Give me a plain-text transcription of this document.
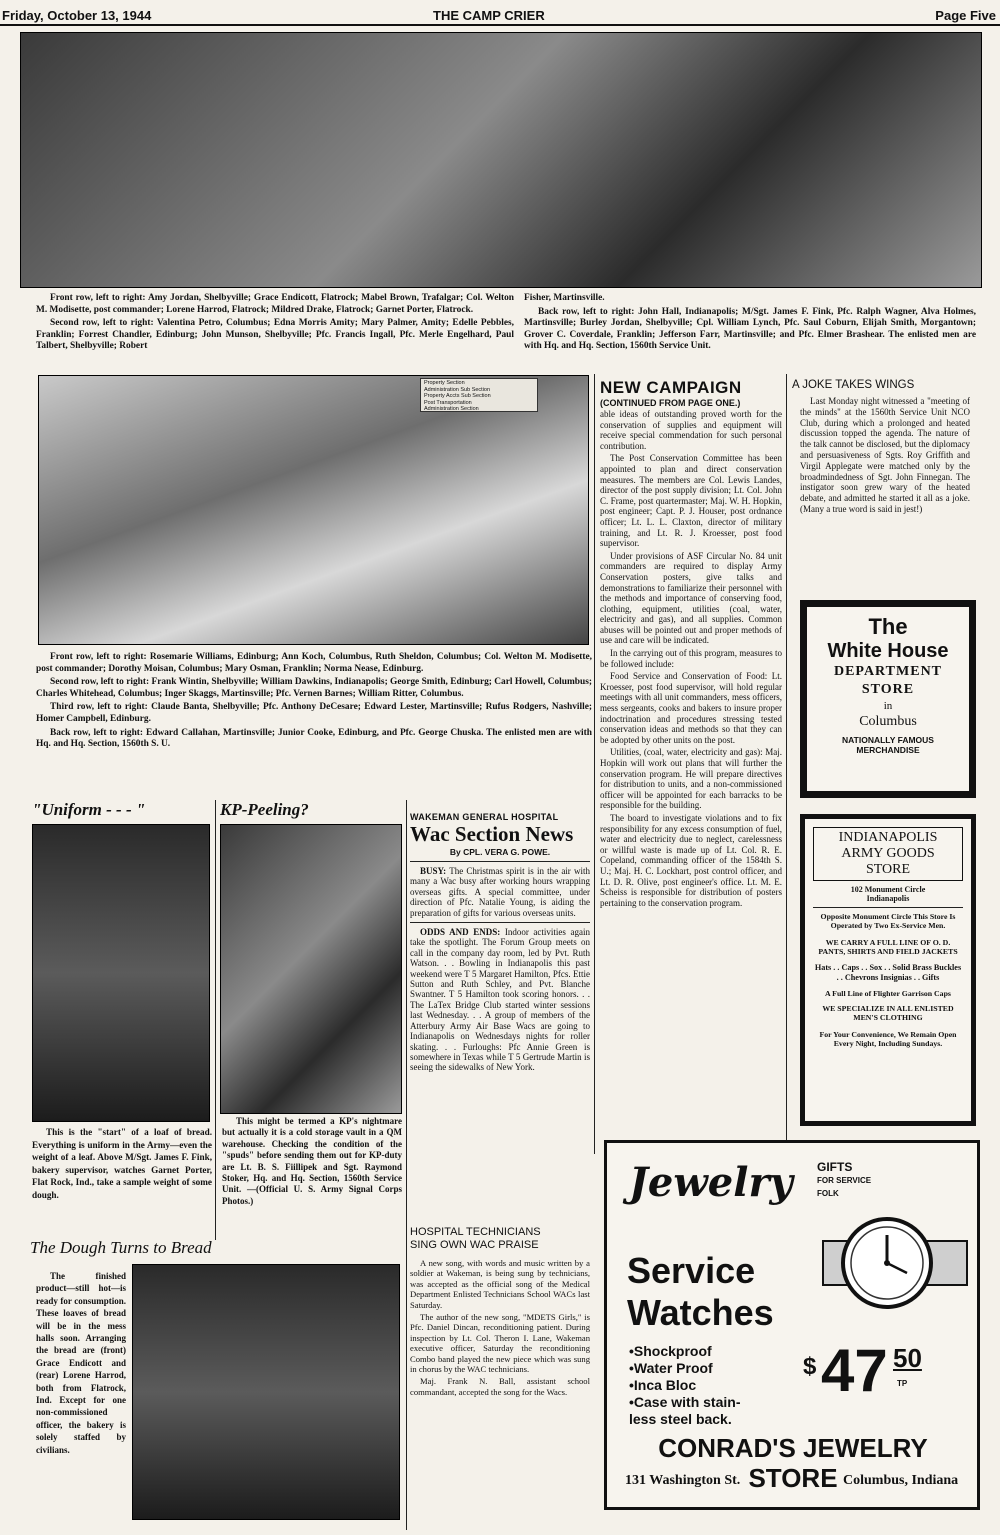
Friday, October 13, 1944	THE CAMP CRIER	Page Five

Front row, left to right: Amy Jordan, Shelbyville; Grace Endicott, Flatrock; Mabel Brown, Trafalgar; Col. Welton M. Modisette, post commander; Lorene Harrod, Flatrock; Mildred Drake, Flatrock; Garnet Porter, Flatrock.

Second row, left to right: Valentina Petro, Columbus; Edna Morris Amity; Mary Palmer, Amity; Edelle Pebbles, Franklin; Forrest Chandler, Edinburg; John Munson, Shelbyville; Pfc. Francis Ingall, Pfc. Merle Engelhard, Paul Talbert, Shelbyville; Robert

Fisher, Martinsville.

Back row, left to right: John Hall, Indianapolis; M/Sgt. James F. Fink, Pfc. Ralph Wagner, Alva Holmes, Martinsville; Burley Jordan, Shelbyville; Cpl. William Lynch, Pfc. Saul Coburn, Elijah Smith, Morgantown; Grover C. Coverdale, Franklin; Jefferson Farr, Martinsville; and Pfc. Elmer Brashear. The enlisted men are with Hq. and Hq. Section, 1560th Service Unit.

Property Section
Administration Sub Section
Property Accts Sub Section
Post Transportation
Administration Section

Front row, left to right: Rosemarie Williams, Edinburg; Ann Koch, Columbus, Ruth Sheldon, Columbus; Col. Welton M. Modisette, post commander; Dorothy Moisan, Columbus; Mary Osman, Franklin; Norma Nease, Edinburg.

Second row, left to right: Frank Wintin, Shelbyville; William Dawkins, Indianapolis; George Smith, Edinburg; Carl Howell, Columbus; Charles Whitehead, Columbus; Inger Skaggs, Martinsville; Pfc. Vernen Barnes; William Ritter, Columbus.

Third row, left to right: Claude Banta, Shelbyville; Pfc. Anthony DeCesare; Edward Lester, Martinsville; Rufus Rodgers, Nashville; Homer Campbell, Edinburg.

Back row, left to right: Edward Callahan, Martinsville; Junior Cooke, Edinburg, and Pfc. George Chuska. The enlisted men are with Hq. and Hq. Section, 1560th S. U.

NEW CAMPAIGN
(CONTINUED FROM PAGE ONE.)

able ideas of outstanding proved worth for the conservation of supplies and equipment will receive special commendation for such personal contribution.

The Post Conservation Committee has been appointed to plan and direct conservation measures. The members are Col. Lewis Landes, director of the post supply division; Lt. Col. John C. Frame, post quartermaster; Maj. W. H. Hopkin, post engineer; Capt. P. J. Houser, post ordnance officer; Lt. L. L. Claxton, director of military training, and Lt. R. J. Kroesser, post food supervisor.

Under provisions of ASF Circular No. 84 unit commanders are required to display Army Conservation posters, give talks and demonstrations to familiarize their personnel with the methods and importance of conserving food, clothing, equipment, utilities (coal, water, electricity and gas), and all supplies. Common abuses will be pointed out and proper methods of use and care will be indicated.

In the carrying out of this program, measures to be followed include:

Food Service and Conservation of Food: Lt. Kroesser, post food supervisor, will hold regular meetings with all unit commanders, mess officers, mess sergeants, cooks and bakers to insure proper indoctrination and procedures stressing tested conservation ideas and methods so that they can be adopted by other units on the post.

Utilities, (coal, water, electricity and gas): Maj. Hopkin will work out plans that will further the conservation program. He will prepare directives for distribution to units, and a non-commissioned officer will be appointed for each barracks to be responsible for the building.

The board to investigate violations and to fix responsibility for any excess consumption of fuel, water and electricity due to neglect, carelessness or willful waste is made up of Lt. Col. R. E. Copeland, commanding officer of the 1584th S. U.; Maj. H. C. Lockhart, post control officer, and Lt. D. R. Olive, post engineer's office. Lt. M. E. Scheiss is responsible for distribution of posters pertaining to the conservation program.

A JOKE TAKES WINGS

Last Monday night witnessed a "meeting of the minds" at the 1560th Service Unit NCO Club, during which a prolonged and heated discussion topped the agenda. The nature of the talk cannot be disclosed, but the diplomacy and persuasiveness of Sgts. Roy Griffith and Virgil Applegate were matched only by the broadmindedness of Sgt. John Finnegan. The instigator soon grew wary of the heated debate, and admitted he started it all as a joke. (Many a true word is said in jest!)

The
White House
DEPARTMENT
STORE
in
Columbus
NATIONALLY FAMOUS
MERCHANDISE
INDIANAPOLIS
ARMY GOODS
STORE
102 Monument Circle
Indianapolis
Opposite Monument Circle This Store Is Operated by Two Ex-Service Men.
WE CARRY A FULL LINE OF O. D. PANTS, SHIRTS AND FIELD JACKETS
Hats . . Caps . . Sox . . Solid Brass Buckles . . Chevrons Insignias . . Gifts
A Full Line of Flighter Garrison Caps
WE SPECIALIZE IN ALL ENLISTED MEN'S CLOTHING
For Your Convenience, We Remain Open Every Night, Including Sundays.
"Uniform - - - "

This is the "start" of a loaf of bread. Everything is uniform in the Army—even the weight of a leaf. Above M/Sgt. James F. Fink, bakery supervisor, watches Garnet Porter, Flat Rock, Ind., take a sample weight of some dough.

KP-Peeling?

This might be termed a KP's nightmare but actually it is a cold storage vault in a QM warehouse. Checking the condition of the "spuds" before sending them out for KP-duty are Lt. B. S. Fiillipek and Sgt. Raymond Stoker, Hq. and Hq. Section, 1560th Service Unit. —(Official U. S. Army Signal Corps Photos.)

WAKEMAN GENERAL HOSPITAL
Wac Section News
By CPL. VERA G. POWE.

BUSY: The Christmas spirit is in the air with many a Wac busy after working hours wrapping overseas gifts. A special committee, under direction of Pfc. Natalie Young, is aiding the preparation of gifts for various overseas units.

ODDS AND ENDS: Indoor activities again take the spotlight. The Forum Group meets on call in the company day room, led by Pvt. Ruth Watson. . . Bowling in Indianapolis this past weekend were T 5 Margaret Hamilton, Pfcs. Ettie Sutton and Ruth Schley, and Pvt. Blanche Swantner. T 5 Hamilton took scoring honors. . . The LaTex Bridge Club started winter sessions last Wednesday. . . A group of members of the Atterbury Army Air Base Wacs are going to Indianapolis on Wednesdays nights for roller skating. . . Furloughs: Pfc Annie Green is somewhere in Texas while T 5 Gertrude Martin is seeing the sidewalks of New York.

HOSPITAL TECHNICIANS
SING OWN WAC PRAISE

A new song, with words and music written by a soldier at Wakeman, is being sung by technicians, was accepted as the official song of the Medical Department Enlisted Technicians School WACs last Saturday.

The author of the new song, "MDETS Girls," is Pfc. Daniel Dincan, reconditioning patient. During inspection by Lt. Col. Theron I. Lane, Wakeman executive officer, Saturday the reconditioning Combo band played the new piece which was sung in chorus by the WAC technicians.

Maj. Frank N. Ball, assistant school commandant, accepted the song for the Wacs.

The Dough Turns to Bread

The finished product—still hot—is ready for consumption. These loaves of bread will be in the mess halls soon. Arranging the bread are (front) Grace Endicott and (rear) Lorene Harrod, both from Flatrock, Ind. Except for one non-commissioned officer, the bakery is solely staffed by civilians.

Jewelry GIFTS
FOR SERVICE
FOLK
Service
Watches
•Shockproof
•Water Proof
•Inca Bloc
•Case with stain-
less steel back.
$ 47 50
TP
CONRAD'S JEWELRY STORE
131 Washington St.	Columbus, Indiana
